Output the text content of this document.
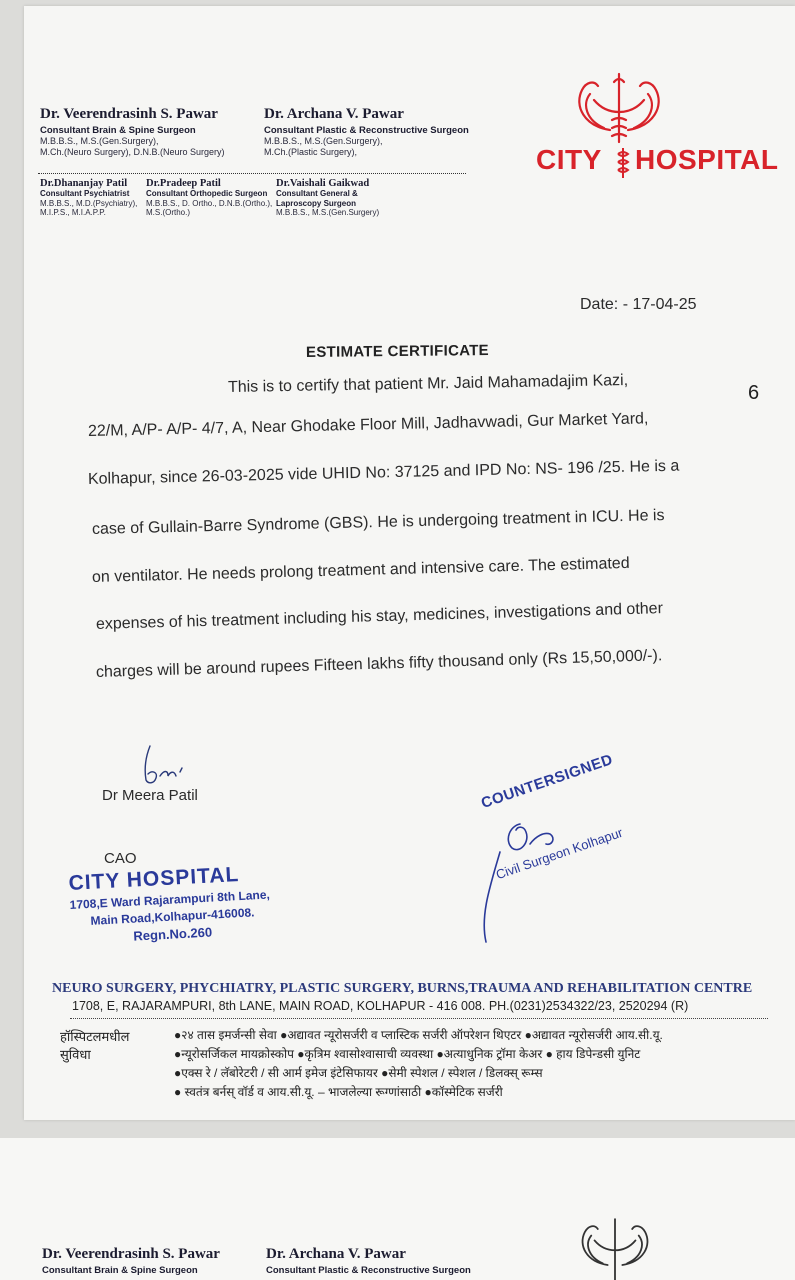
Dr. Veerendrasinh S. Pawar
Consultant Brain & Spine Surgeon
M.B.B.S., M.S.(Gen.Surgery),
M.Ch.(Neuro Surgery), D.N.B.(Neuro Surgery)
Dr. Archana V. Pawar
Consultant Plastic & Reconstructive Surgeon
M.B.B.S., M.S.(Gen.Surgery),
M.Ch.(Plastic Surgery),
Dr.Dhananjay Patil
Consultant Psychiatrist
M.B.B.S., M.D.(Psychiatry),
M.I.P.S., M.I.A.P.P.
Dr.Pradeep Patil
Consultant Orthopedic Surgeon
M.B.B.S., D. Ortho., D.N.B.(Ortho.),
M.S.(Ortho.)
Dr.Vaishali Gaikwad
Consultant General &
Laproscopy Surgeon
M.B.B.S., M.S.(Gen.Surgery)
CITY HOSPITAL
Date: - 17-04-25
ESTIMATE CERTIFICATE
This is to certify that patient Mr. Jaid Mahamadajim Kazi,
22/M, A/P- A/P- 4/7, A, Near Ghodake Floor Mill, Jadhavwadi, Gur Market Yard,
Kolhapur, since 26-03-2025 vide UHID No: 37125 and IPD No: NS- 196 /25. He is a
case of Gullain-Barre Syndrome (GBS). He is undergoing treatment in ICU. He is
on ventilator. He needs prolong treatment and intensive care. The estimated
expenses of his treatment including his stay, medicines, investigations and other
charges will be around rupees Fifteen lakhs fifty thousand only (Rs 15,50,000/-).
Dr Meera Patil
CAO
CITY HOSPITAL
1708,E Ward Rajarampuri 8th Lane,
Main Road,Kolhapur-416008.
Regn.No.260
COUNTERSIGNED
Civil Surgeon Kolhapur
6
NEURO SURGERY, PHYCHIATRY, PLASTIC SURGERY, BURNS,TRAUMA AND REHABILITATION CENTRE
1708, E, RAJARAMPURI, 8th LANE, MAIN ROAD, KOLHAPUR - 416 008. PH.(0231)2534322/23, 2520294 (R)
हॉस्पिटलमधील
सुविधा
●२४ तास इमर्जन्सी सेवा ●अद्यावत न्यूरोसर्जरी व प्लास्टिक सर्जरी ऑपरेशन थिएटर ●अद्यावत न्यूरोसर्जरी आय.सी.यू.
●न्यूरोसर्जिकल मायक्रोस्कोप ●कृत्रिम श्वासोश्वासाची व्यवस्था ●अत्याधुनिक ट्रॉमा केअर ● हाय डिपेन्डसी युनिट
●एक्स रे / लॅबोरेटरी / सी आर्म इमेज इंटेसिफायर ●सेमी स्पेशल / स्पेशल / डिलक्स् रूम्स
● स्वतंत्र बर्नस् वॉर्ड व आय.सी.यू. – भाजलेल्या रूग्णांसाठी ●कॉस्मेटिक सर्जरी
Dr. Veerendrasinh S. Pawar
Consultant Brain & Spine Surgeon
Dr. Archana V. Pawar
Consultant Plastic & Reconstructive Surgeon
